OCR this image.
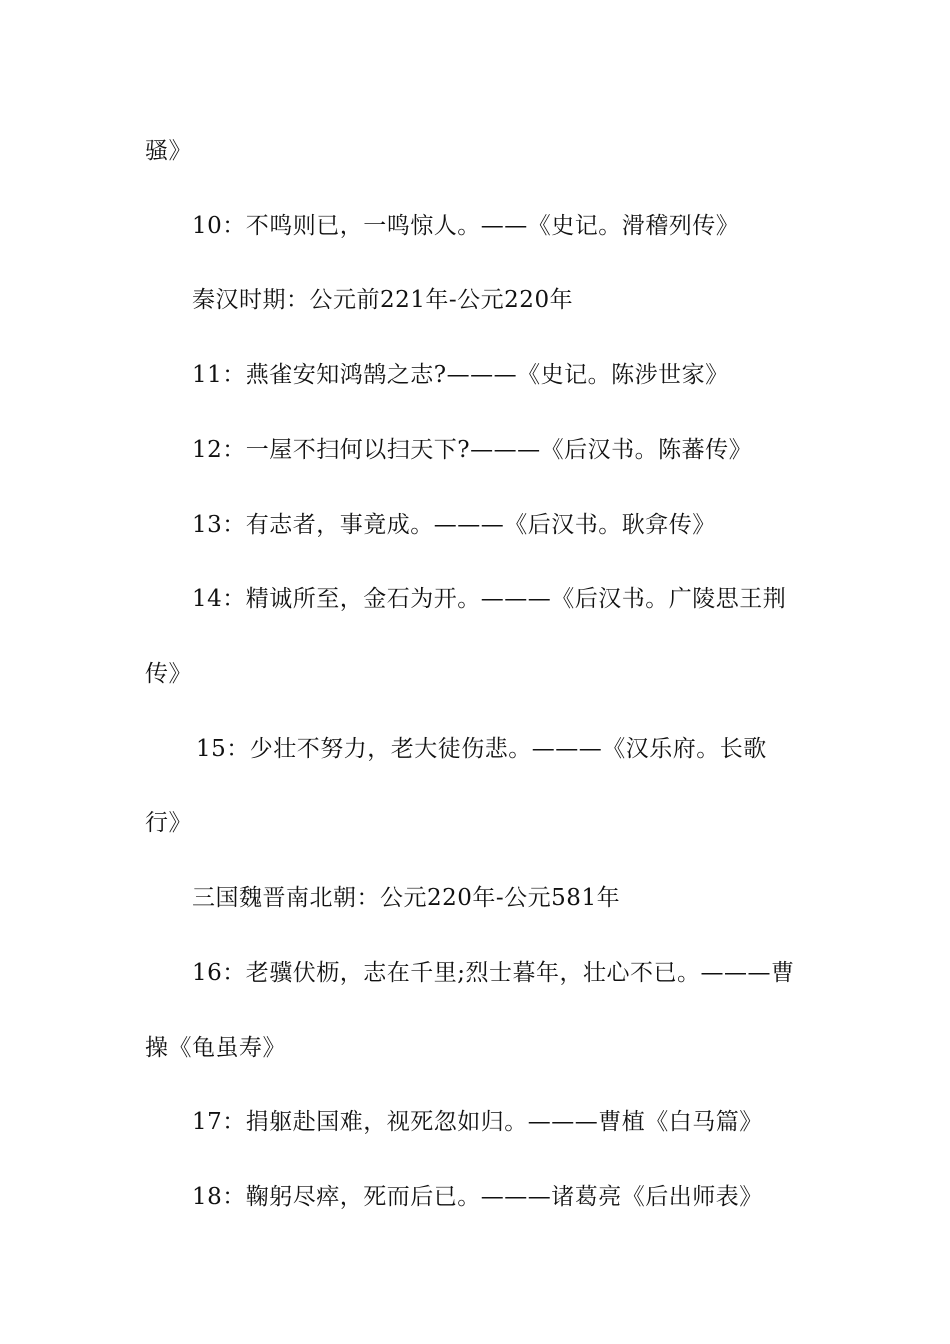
骚》
10：不鸣则已，一鸣惊人。——《史记。滑稽列传》
秦汉时期：公元前221年-公元220年
11：燕雀安知鸿鹄之志?———《史记。陈涉世家》
12：一屋不扫何以扫天下?———《后汉书。陈蕃传》
13：有志者，事竟成。———《后汉书。耿弇传》
14：精诚所至，金石为开。———《后汉书。广陵思王荆
传》
15：少壮不努力，老大徒伤悲。———《汉乐府。长歌
行》
三国魏晋南北朝：公元220年-公元581年
16：老骥伏枥，志在千里;烈士暮年，壮心不已。———曹
操《龟虽寿》
17：捐躯赴国难，视死忽如归。———曹植《白马篇》
18：鞠躬尽瘁，死而后已。———诸葛亮《后出师表》
